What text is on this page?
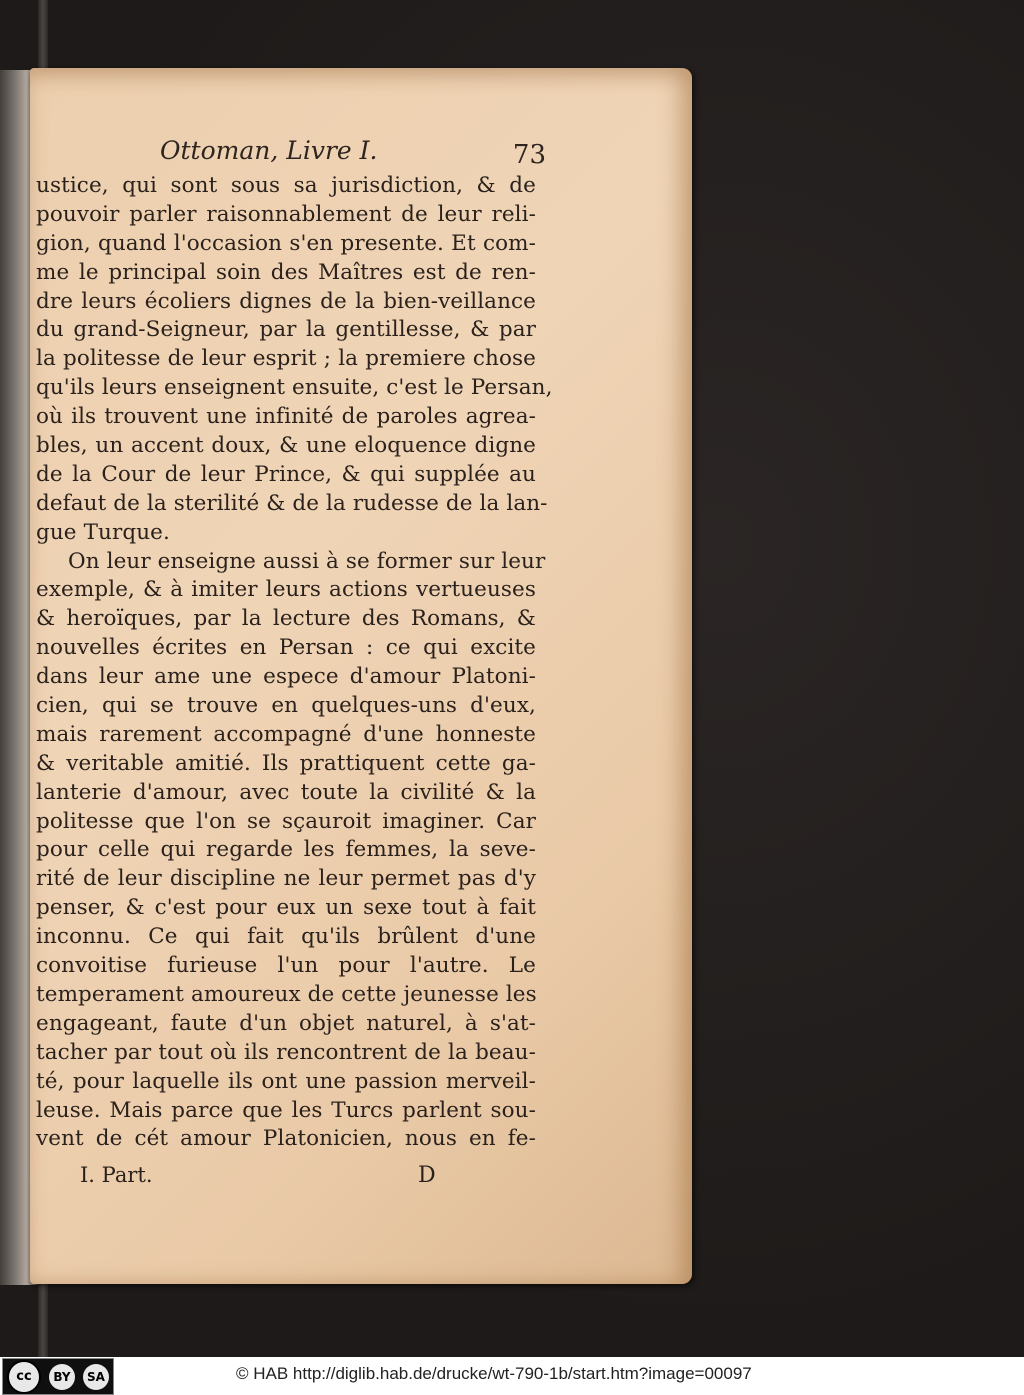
Ottoman, Livre I.	73
ustice, qui sont sous sa jurisdiction, & de
pouvoir parler raisonnablement de leur reli-
gion, quand l'occasion s'en presente. Et com-
me le principal soin des Maîtres est de ren-
dre leurs écoliers dignes de la bien-veillance
du grand-Seigneur, par la gentillesse, & par
la politesse de leur esprit ; la premiere chose
qu'ils leurs enseignent ensuite, c'est le Persan,
où ils trouvent une infinité de paroles agrea-
bles, un accent doux, & une eloquence digne
de la Cour de leur Prince, & qui supplée au
defaut de la sterilité & de la rudesse de la lan-
gue Turque.
On leur enseigne aussi à se former sur leur
exemple, & à imiter leurs actions vertueuses
& heroïques, par la lecture des Romans, &
nouvelles écrites en Persan : ce qui excite
dans leur ame une espece d'amour Platoni-
cien, qui se trouve en quelques-uns d'eux,
mais rarement accompagné d'une honneste
& veritable amitié. Ils prattiquent cette ga-
lanterie d'amour, avec toute la civilité & la
politesse que l'on se sçauroit imaginer. Car
pour celle qui regarde les femmes, la seve-
rité de leur discipline ne leur permet pas d'y
penser, & c'est pour eux un sexe tout à fait
inconnu. Ce qui fait qu'ils brûlent d'une
convoitise furieuse l'un pour l'autre. Le
temperament amoureux de cette jeunesse les
engageant, faute d'un objet naturel, à s'at-
tacher par tout où ils rencontrent de la beau-
té, pour laquelle ils ont une passion merveil-
leuse. Mais parce que les Turcs parlent sou-
vent de cét amour Platonicien, nous en fe-
I. Part.	D
cc	BY	SA	© HAB http://diglib.hab.de/drucke/wt-790-1b/start.htm?image=00097
